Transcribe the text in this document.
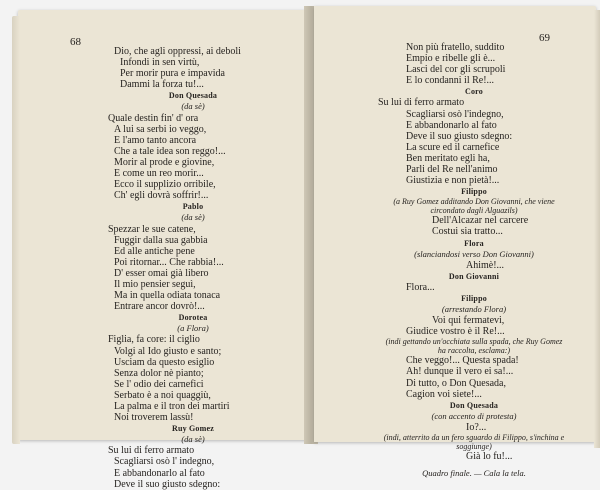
68
Dio, che agli oppressi, ai deboli
Infondi in sen virtù,
Per morir pura e impavida
Dammi la forza tu!...
Don Quesada
(da sè)
Quale destin fin' d' ora
A lui sa serbi io veggo,
E l'amo tanto ancora
Che a tale idea son reggo!...
Morir al prode e giovine,
E come un reo morir...
Ecco il supplizio orribile,
Ch' egli dovrà soffrir!...
Pablo
(da sè)
Spezzar le sue catene,
Fuggir dalla sua gabbia
Ed alle antiche pene
Poi ritornar... Che rabbia!...
D' esser omai già libero
Il mio pensier seguì,
Ma in quella odiata tonaca
Entrare ancor dovrò!...
Dorotea
(a Flora)
Figlia, fa core: il ciglio
Volgi al Ido giusto e santo;
Usciam da questo esiglio
Senza dolor nè pianto;
Se l' odio dei carnefici
Serbato è a noi quaggiù,
La palma e il tron dei martiri
Noi troverem lassù!
Ruy Gomez
(da sè)
Su lui di ferro armato
Scagliarsi osò l' indegno,
E abbandonarlo al fato
Deve il suo giusto sdegno:
69
Non più fratello, suddito
Empio e ribelle gli è...
Lasci del cor gli scrupoli
E lo condanni il Re!...
Coro
Su lui di ferro armato
Scagliarsi osò l'indegno,
E abbandonarlo al fato
Deve il suo giusto sdegno:
La scure ed il carnefice
Ben meritato egli ha,
Parli del Re nell'animo
Giustizia e non pietà!...
Filippo
(a Ruy Gomez additando Don Giovanni, che viene
circondato dagli Alguazils)
Dell'Alcazar nel carcere
Costui sia tratto...
Flora
(slanciandosi verso Don Giovanni)
Ahimè!...
Don Giovanni
Flora...
Filippo
(arrestando Flora)
Voi qui fermatevi,
Giudice vostro è il Re!...
(indi gettando un'occhiata sulla spada, che Ruy Gomez
ha raccolta, esclama:)
Che veggo!... Questa spada!
Ah! dunque il vero ei sa!...
Di tutto, o Don Quesada,
Cagion voi siete!...
Don Quesada
(con accento di protesta)
Io?...
(indi, atterrito da un fero sguardo di Filippo, s'inchina e soggiunge)
Già lo fu!...
Quadro finale. — Cala la tela.
